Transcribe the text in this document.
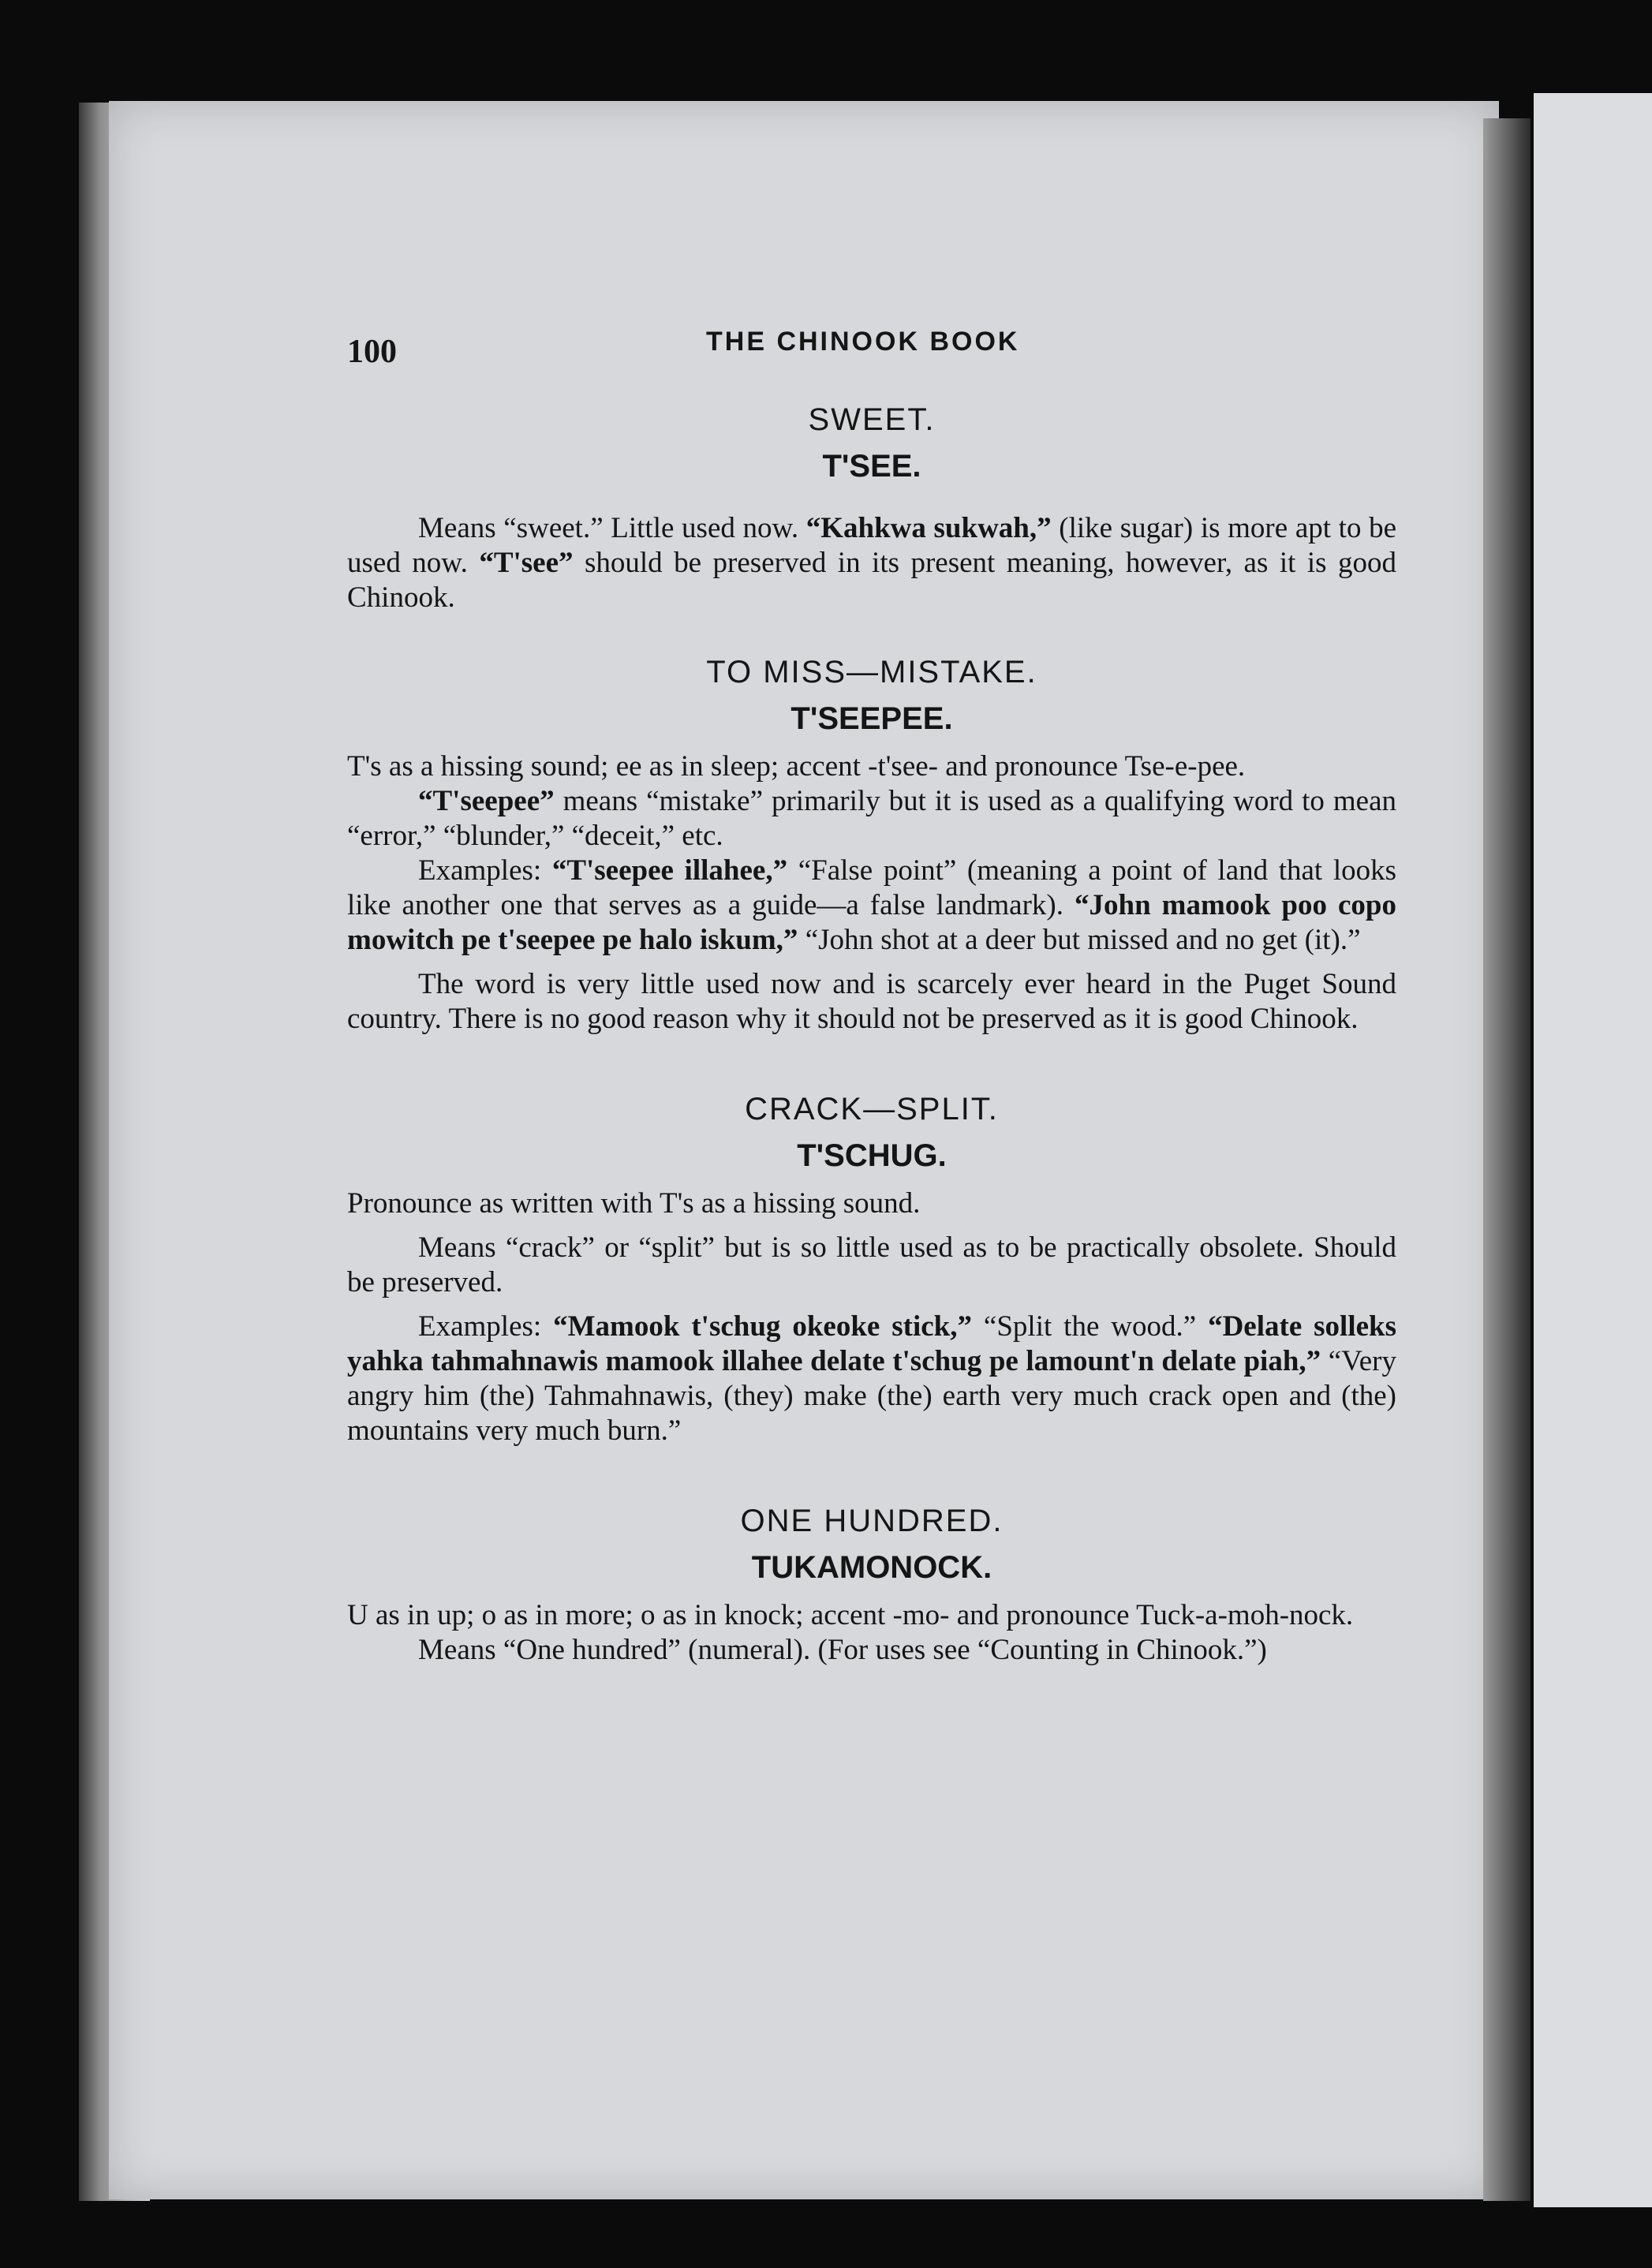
100	THE CHINOOK BOOK
SWEET.
T'SEE.

Means “sweet.” Little used now. “Kahkwa sukwah,” (like sugar) is more apt to be used now. “T'see” should be preserved in its present meaning, however, as it is good Chinook.

TO MISS—MISTAKE.
T'SEEPEE.

T's as a hissing sound; ee as in sleep; accent -t'see- and pronounce Tse-e-pee.

“T'seepee” means “mistake” primarily but it is used as a qualifying word to mean “error,” “blunder,” “deceit,” etc.

Examples: “T'seepee illahee,” “False point” (meaning a point of land that looks like another one that serves as a guide—a false landmark). “John mamook poo copo mowitch pe t'seepee pe halo iskum,” “John shot at a deer but missed and no get (it).”

The word is very little used now and is scarcely ever heard in the Puget Sound country. There is no good reason why it should not be preserved as it is good Chinook.

CRACK—SPLIT.
T'SCHUG.

Pronounce as written with T's as a hissing sound.

Means “crack” or “split” but is so little used as to be practically obsolete. Should be preserved.

Examples: “Mamook t'schug okeoke stick,” “Split the wood.” “Delate solleks yahka tahmahnawis mamook illahee delate t'schug pe lamount'n delate piah,” “Very angry him (the) Tahmahnawis, (they) make (the) earth very much crack open and (the) mountains very much burn.”

ONE HUNDRED.
TUKAMONOCK.

U as in up; o as in more; o as in knock; accent -mo- and pronounce Tuck-a-moh-nock.

Means “One hundred” (numeral). (For uses see “Counting in Chinook.”)
